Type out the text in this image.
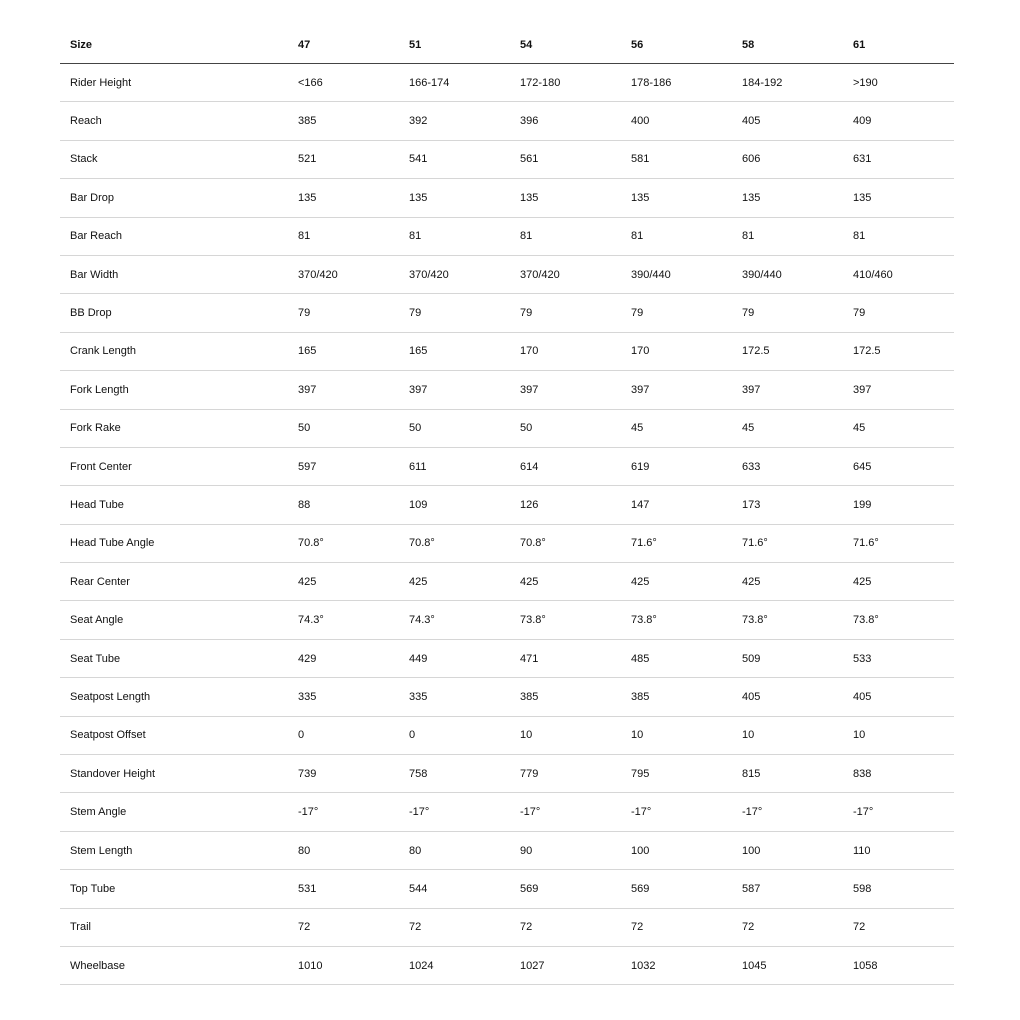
Size	47	51	54	56	58	61
Rider Height	<166	166-174	172-180	178-186	184-192	>190
Reach	385	392	396	400	405	409
Stack	521	541	561	581	606	631
Bar Drop	135	135	135	135	135	135
Bar Reach	81	81	81	81	81	81
Bar Width	370/420	370/420	370/420	390/440	390/440	410/460
BB Drop	79	79	79	79	79	79
Crank Length	165	165	170	170	172.5	172.5
Fork Length	397	397	397	397	397	397
Fork Rake	50	50	50	45	45	45
Front Center	597	611	614	619	633	645
Head Tube	88	109	126	147	173	199
Head Tube Angle	70.8°	70.8°	70.8°	71.6°	71.6°	71.6°
Rear Center	425	425	425	425	425	425
Seat Angle	74.3°	74.3°	73.8°	73.8°	73.8°	73.8°
Seat Tube	429	449	471	485	509	533
Seatpost Length	335	335	385	385	405	405
Seatpost Offset	0	0	10	10	10	10
Standover Height	739	758	779	795	815	838
Stem Angle	-17°	-17°	-17°	-17°	-17°	-17°
Stem Length	80	80	90	100	100	110
Top Tube	531	544	569	569	587	598
Trail	72	72	72	72	72	72
Wheelbase	1010	1024	1027	1032	1045	1058
